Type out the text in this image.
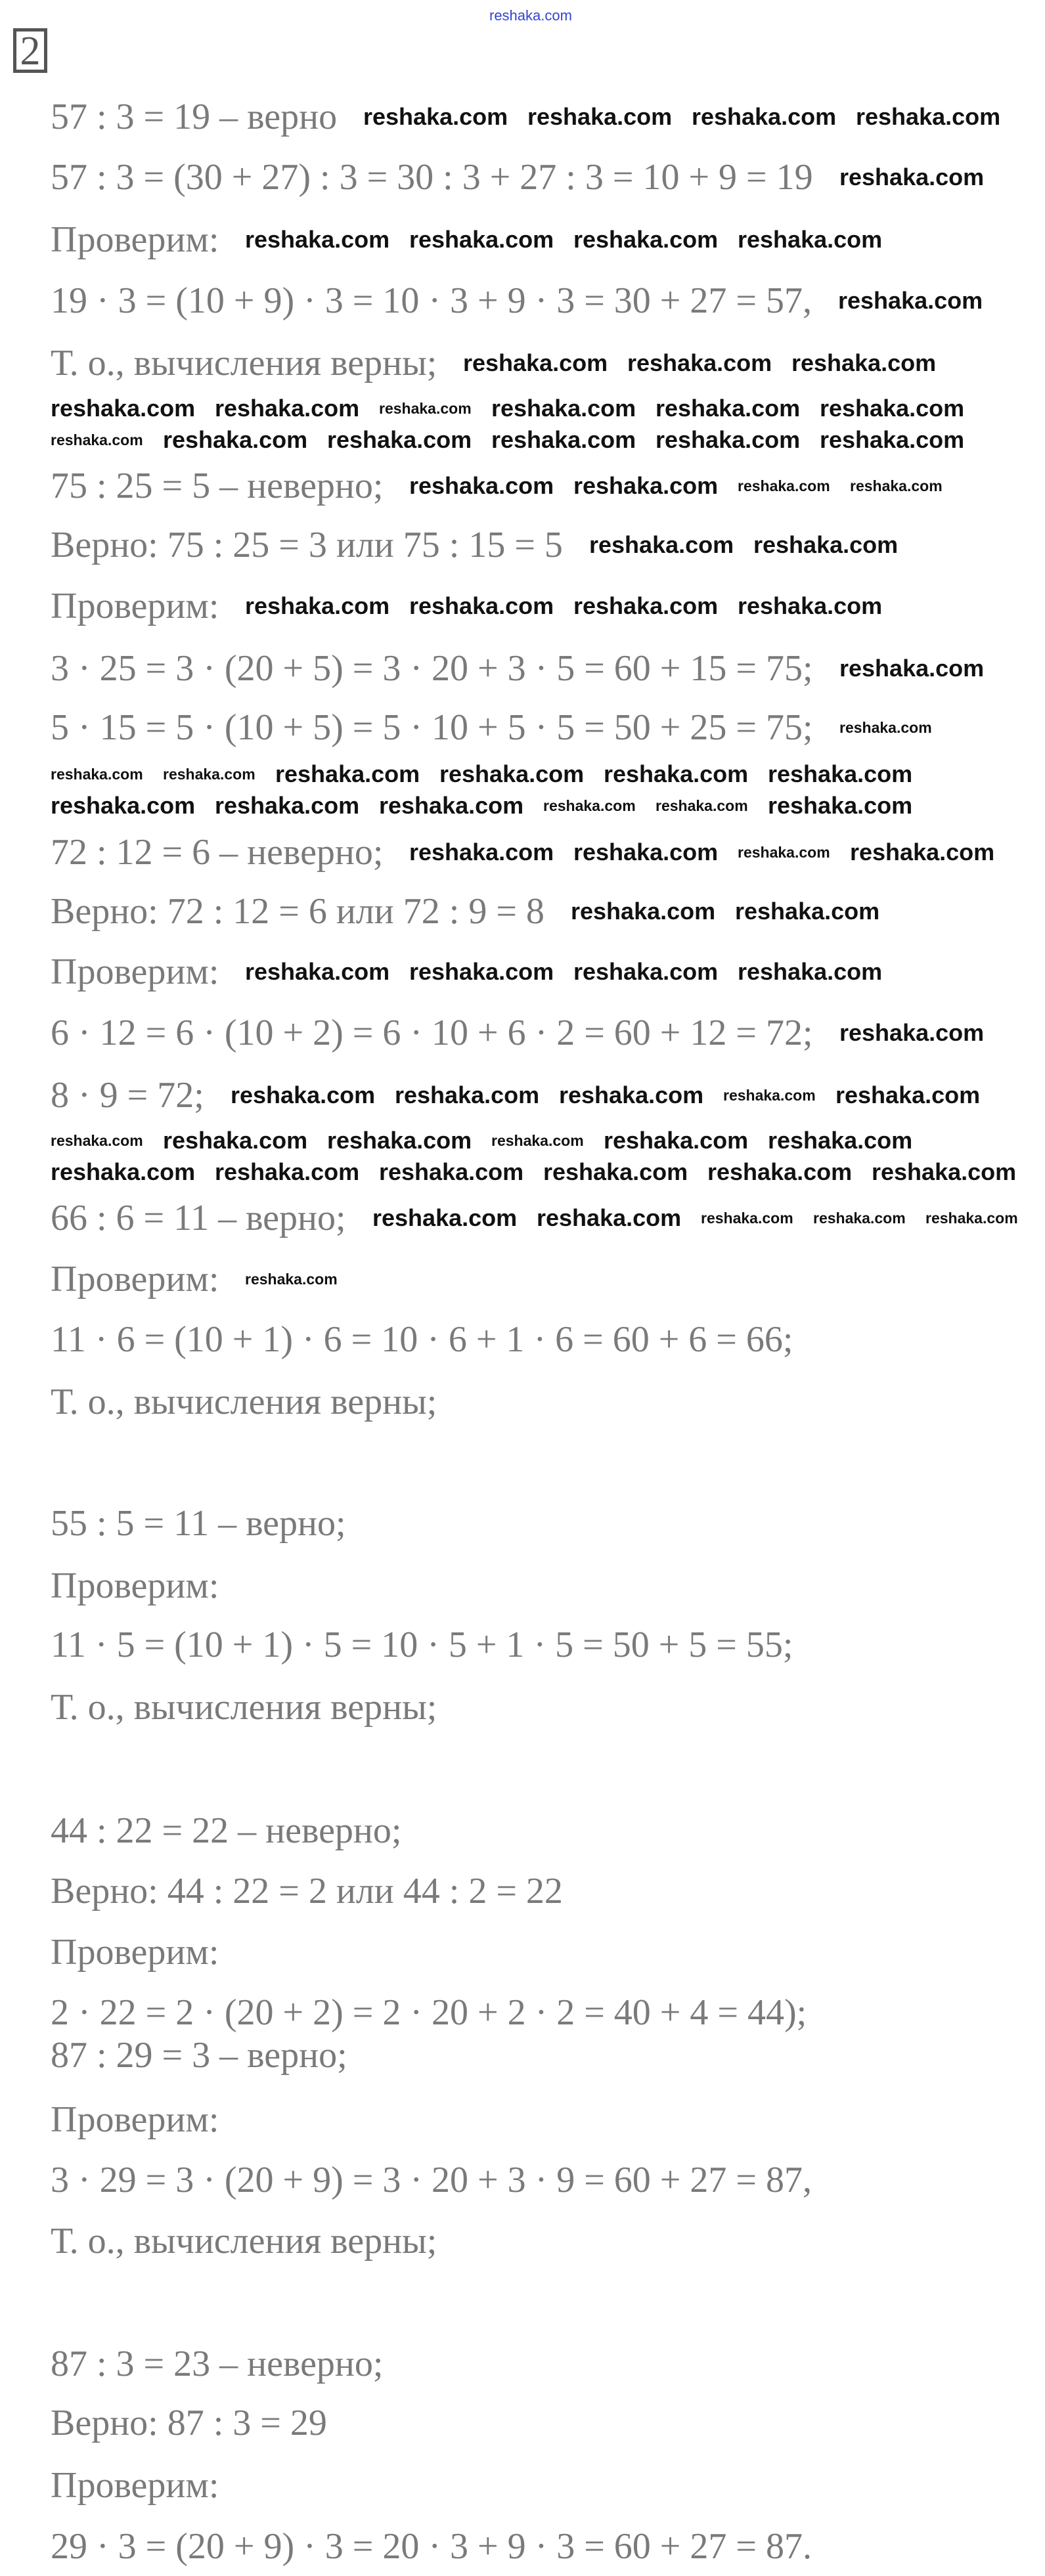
2
57 : 3 = 19 – верно
57 : 3 = (30 + 27) : 3 = 30 : 3 + 27 : 3 = 10 + 9 = 19
Проверим:
19 · 3 = (10 + 9) · 3 = 10 · 3 + 9 · 3 = 30 + 27 = 57,
Т. о., вычисления верны;
75 : 25 = 5 – неверно;
Верно: 75 : 25 = 3 или 75 : 15 = 5
Проверим:
3 · 25 = 3 · (20 + 5) = 3 · 20 + 3 · 5 = 60 + 15 = 75;
5 · 15 = 5 · (10 + 5) = 5 · 10 + 5 · 5 = 50 + 25 = 75;
72 : 12 = 6 – неверно;
Верно: 72 : 12 = 6 или 72 : 9 = 8
Проверим:
6 · 12 = 6 · (10 + 2) = 6 · 10 + 6 · 2 = 60 + 12 = 72;
8 · 9 = 72;
66 : 6 = 11 – верно;
Проверим:
11 · 6 = (10 + 1) · 6 = 10 · 6 + 1 · 6 = 60 + 6 = 66;
Т. о., вычисления верны;
55 : 5 = 11 – верно;
Проверим:
11 · 5 = (10 + 1) · 5 = 10 · 5 + 1 · 5 = 50 + 5 = 55;
Т. о., вычисления верны;
44 : 22 = 22 – неверно;
Верно: 44 : 22 = 2 или 44 : 2 = 22
Проверим:
2 · 22 = 2 · (20 + 2) = 2 · 20 + 2 · 2 = 40 + 4 = 44);
87 : 29 = 3 – верно;
Проверим:
3 · 29 = 3 · (20 + 9) = 3 · 20 + 3 · 9 = 60 + 27 = 87,
Т. о., вычисления верны;
87 : 3 = 23 – неверно;
Верно: 87 : 3 = 29
Проверим:
29 · 3 = (20 + 9) · 3 = 20 · 3 + 9 · 3 = 60 + 27 = 87.
reshaka.com
reshaka.com reshaka.com reshaka.com reshaka.com
reshaka.com
reshaka.com reshaka.com reshaka.com reshaka.com
reshaka.com
reshaka.com reshaka.com reshaka.com
reshaka.com reshaka.com reshaka.com reshaka.com reshaka.com reshaka.com
reshaka.com reshaka.com reshaka.com reshaka.com reshaka.com reshaka.com
reshaka.com reshaka.com reshaka.com reshaka.com
reshaka.com reshaka.com
reshaka.com reshaka.com reshaka.com reshaka.com
reshaka.com
reshaka.com
reshaka.com reshaka.com reshaka.com reshaka.com reshaka.com reshaka.com
reshaka.com reshaka.com reshaka.com reshaka.com reshaka.com reshaka.com
reshaka.com reshaka.com reshaka.com reshaka.com
reshaka.com reshaka.com
reshaka.com reshaka.com reshaka.com reshaka.com
reshaka.com
reshaka.com reshaka.com reshaka.com reshaka.com reshaka.com
reshaka.com reshaka.com reshaka.com reshaka.com reshaka.com reshaka.com
reshaka.com reshaka.com reshaka.com reshaka.com reshaka.com reshaka.com
reshaka.com reshaka.com reshaka.com reshaka.com reshaka.com
reshaka.com
